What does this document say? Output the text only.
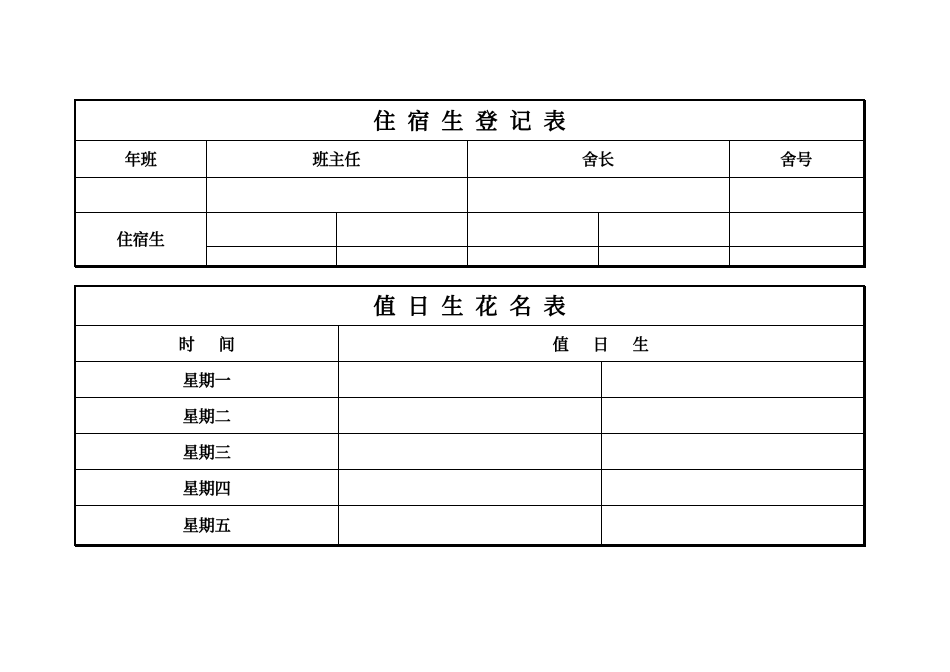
住宿生登记表					
年班	班主任		舍长		舍号

住宿生					

值日生花名表		
时间	值日生	
星期一		
星期二		
星期三		
星期四		
星期五		
